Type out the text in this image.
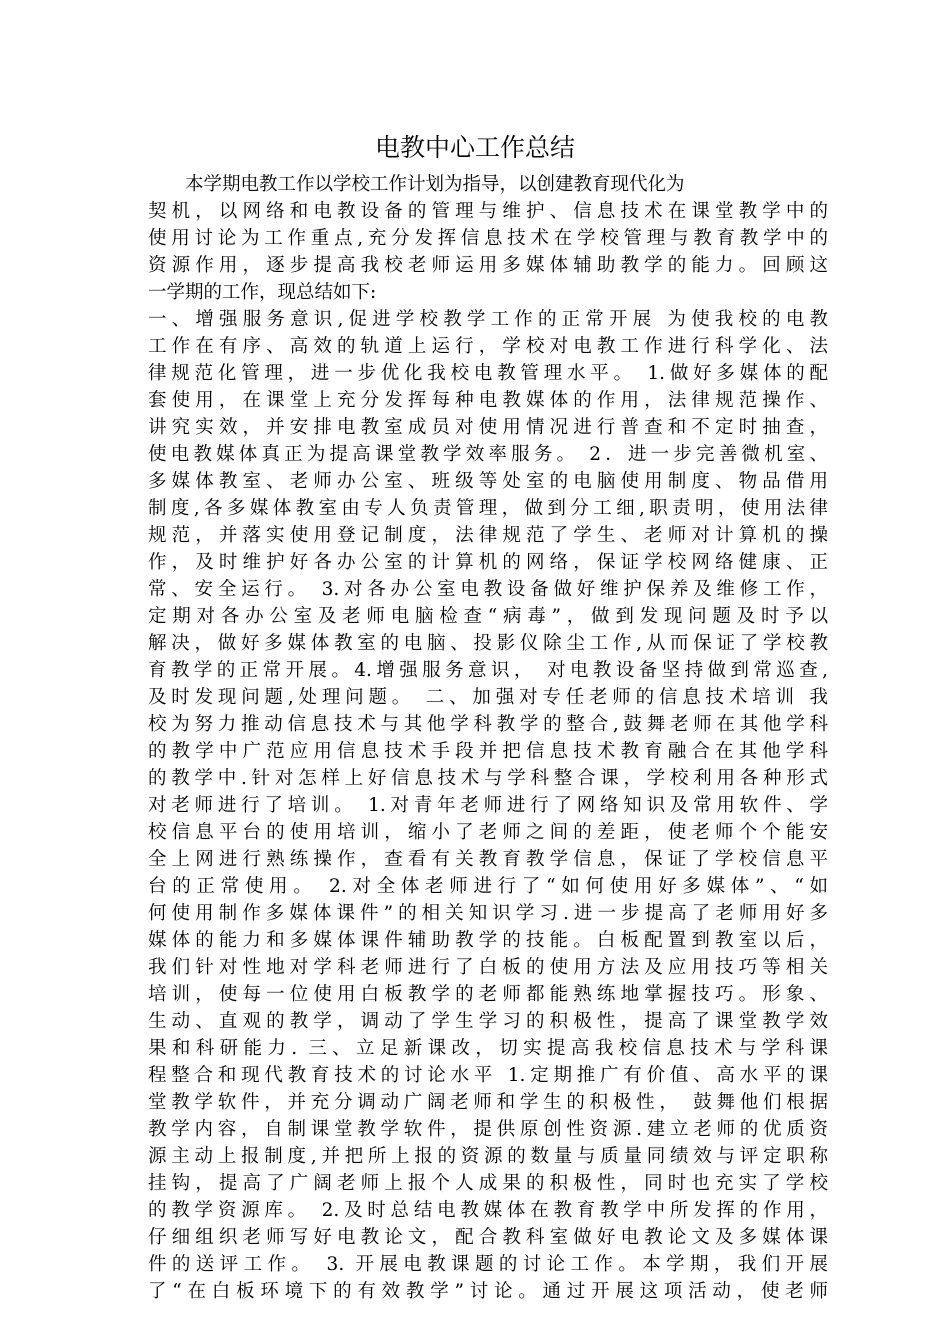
电教中心工作总结
本学期电教工作以学校工作计划为指导，以创建教育现代化为
契机，以网络和电教设备的管理与维护、信息技术在课堂教学中的
使用讨论为工作重点,充分发挥信息技术在学校管理与教育教学中的
资源作用，逐步提高我校老师运用多媒体辅助教学的能力。回顾这
一学期的工作，现总结如下:
一、增强服务意识,促进学校教学工作的正常开展 为使我校的电教
工作在有序、高效的轨道上运行，学校对电教工作进行科学化、法
律规范化管理，进一步优化我校电教管理水平。 1.做好多媒体的配
套使用，在课堂上充分发挥每种电教媒体的作用，法律规范操作、
讲究实效，并安排电教室成员对使用情况进行普查和不定时抽查，
使电教媒体真正为提高课堂教学效率服务。 2．进一步完善微机室、
多媒体教室、老师办公室、班级等处室的电脑使用制度、物品借用
制度,各多媒体教室由专人负责管理，做到分工细,职责明，使用法律
规范，并落实使用登记制度，法律规范了学生、老师对计算机的操
作，及时维护好各办公室的计算机的网络，保证学校网络健康、正
常、安全运行。 3.对各办公室电教设备做好维护保养及维修工作，
定期对各办公室及老师电脑检查“病毒”，做到发现问题及时予以
解决，做好多媒体教室的电脑、投影仪除尘工作,从而保证了学校教
育教学的正常开展。4.增强服务意识， 对电教设备坚持做到常巡查,
及时发现问题,处理问题。 二、加强对专任老师的信息技术培训 我
校为努力推动信息技术与其他学科教学的整合,鼓舞老师在其他学科
的教学中广范应用信息技术手段并把信息技术教育融合在其他学科
的教学中.针对怎样上好信息技术与学科整合课，学校利用各种形式
对老师进行了培训。 1.对青年老师进行了网络知识及常用软件、学
校信息平台的使用培训，缩小了老师之间的差距，使老师个个能安
全上网进行熟练操作，查看有关教育教学信息，保证了学校信息平
台的正常使用。 2.对全体老师进行了“如何使用好多媒体”、“如
何使用制作多媒体课件”的相关知识学习.进一步提高了老师用好多
媒体的能力和多媒体课件辅助教学的技能。白板配置到教室以后，
我们针对性地对学科老师进行了白板的使用方法及应用技巧等相关
培训，使每一位使用白板教学的老师都能熟练地掌握技巧。形象、
生动、直观的教学，调动了学生学习的积极性，提高了课堂教学效
果和科研能力. 三、立足新课改，切实提高我校信息技术与学科课
程整合和现代教育技术的讨论水平 1.定期推广有价值、高水平的课
堂教学软件，并充分调动广阔老师和学生的积极性， 鼓舞他们根据
教学内容，自制课堂教学软件，提供原创性资源.建立老师的优质资
源主动上报制度,并把所上报的资源的数量与质量同绩效与评定职称
挂钩，提高了广阔老师上报个人成果的积极性，同时也充实了学校
的教学资源库。 2.及时总结电教媒体在教育教学中所发挥的作用，
仔细组织老师写好电教论文，配合教科室做好电教论文及多媒体课
件的送评工作。 3. 开展电教课题的讨论工作。本学期，我们开展
了“在白板环境下的有效教学”讨论。通过开展这项活动，使老师
